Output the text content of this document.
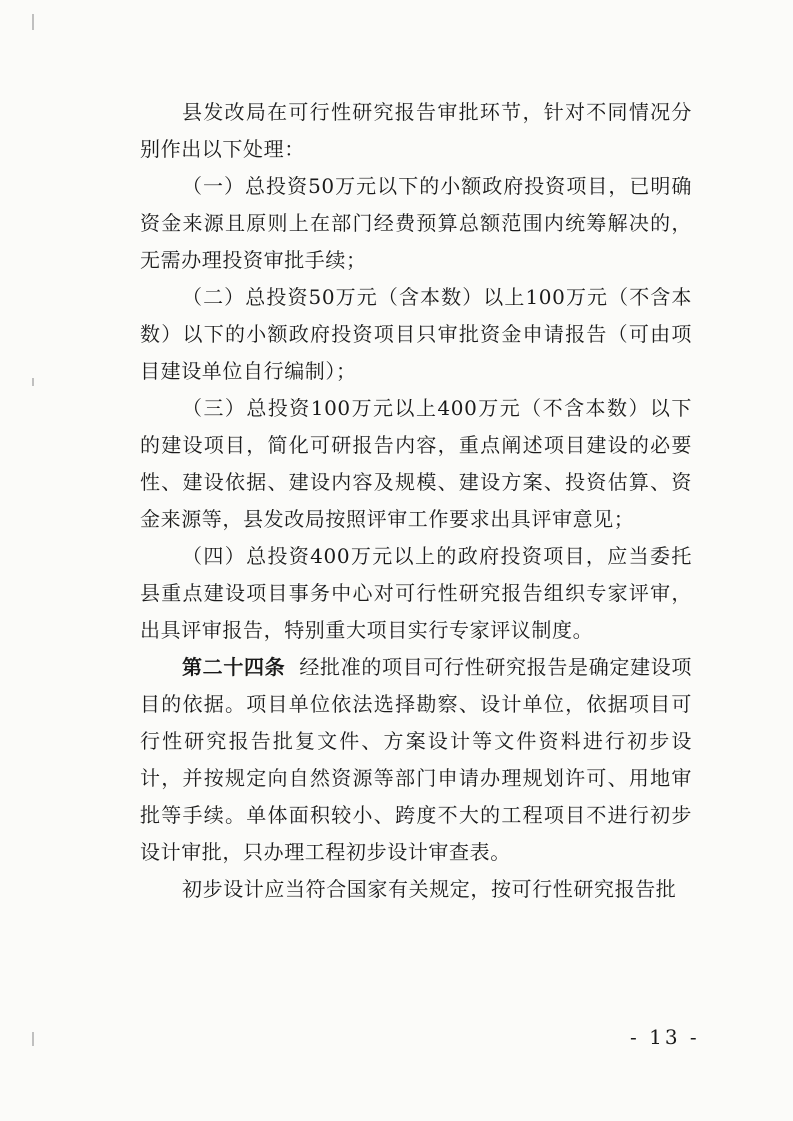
县发改局在可行性研究报告审批环节，针对不同情况分别作出以下处理：

（一）总投资50万元以下的小额政府投资项目，已明确资金来源且原则上在部门经费预算总额范围内统筹解决的，无需办理投资审批手续；

（二）总投资50万元（含本数）以上100万元（不含本数）以下的小额政府投资项目只审批资金申请报告（可由项目建设单位自行编制）；

（三）总投资100万元以上400万元（不含本数）以下的建设项目，简化可研报告内容，重点阐述项目建设的必要性、建设依据、建设内容及规模、建设方案、投资估算、资金来源等，县发改局按照评审工作要求出具评审意见；

（四）总投资400万元以上的政府投资项目，应当委托县重点建设项目事务中心对可行性研究报告组织专家评审，出具评审报告，特别重大项目实行专家评议制度。

第二十四条 经批准的项目可行性研究报告是确定建设项目的依据。项目单位依法选择勘察、设计单位，依据项目可行性研究报告批复文件、方案设计等文件资料进行初步设计，并按规定向自然资源等部门申请办理规划许可、用地审批等手续。单体面积较小、跨度不大的工程项目不进行初步设计审批，只办理工程初步设计审查表。

初步设计应当符合国家有关规定，按可行性研究报告批

- 13 -
